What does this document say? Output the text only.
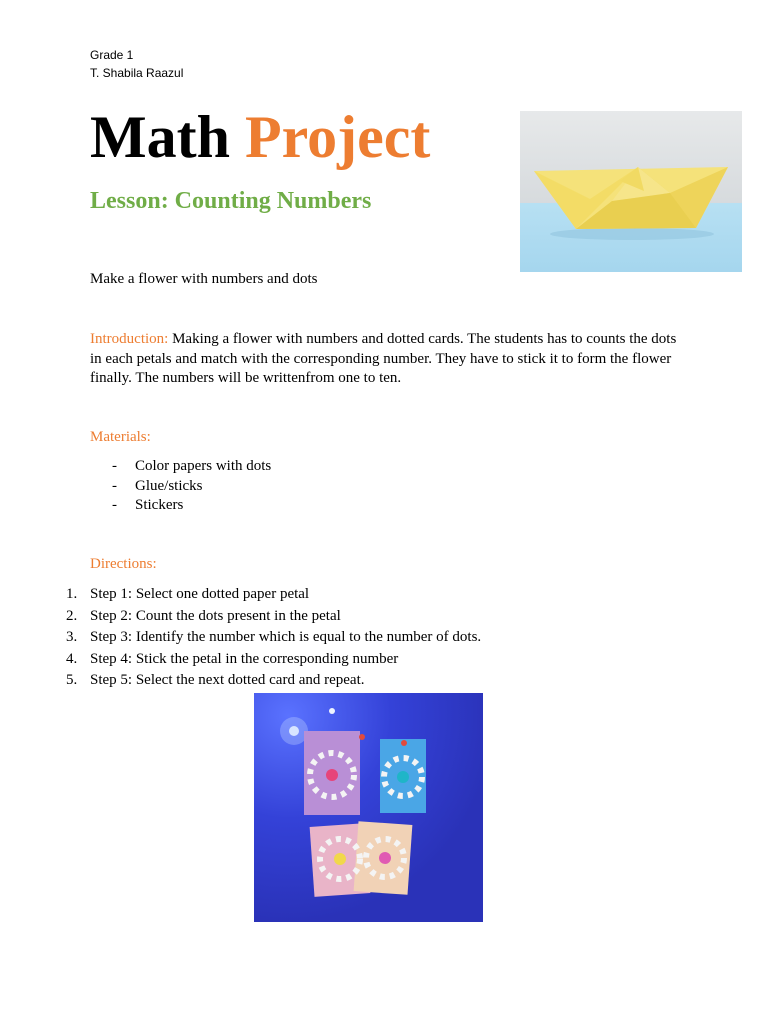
Grade 1
T. Shabila Raazul
Math Project
Lesson: Counting Numbers
Make a flower with numbers and dots
Introduction: Making a flower with numbers and dotted cards. The students has to counts the dots in each petals and match with the corresponding number. They have to stick it to form the flower finally. The numbers will be writtenfrom one to ten.
Materials:
- Color papers with dots
- Glue/sticks
- Stickers
Directions:
1. Step 1: Select one dotted paper petal
2. Step 2: Count the dots present in the petal
3. Step 3: Identify the number which is equal to the number of dots.
4. Step 4: Stick the petal in the corresponding number
5. Step 5: Select the next dotted card and repeat.
